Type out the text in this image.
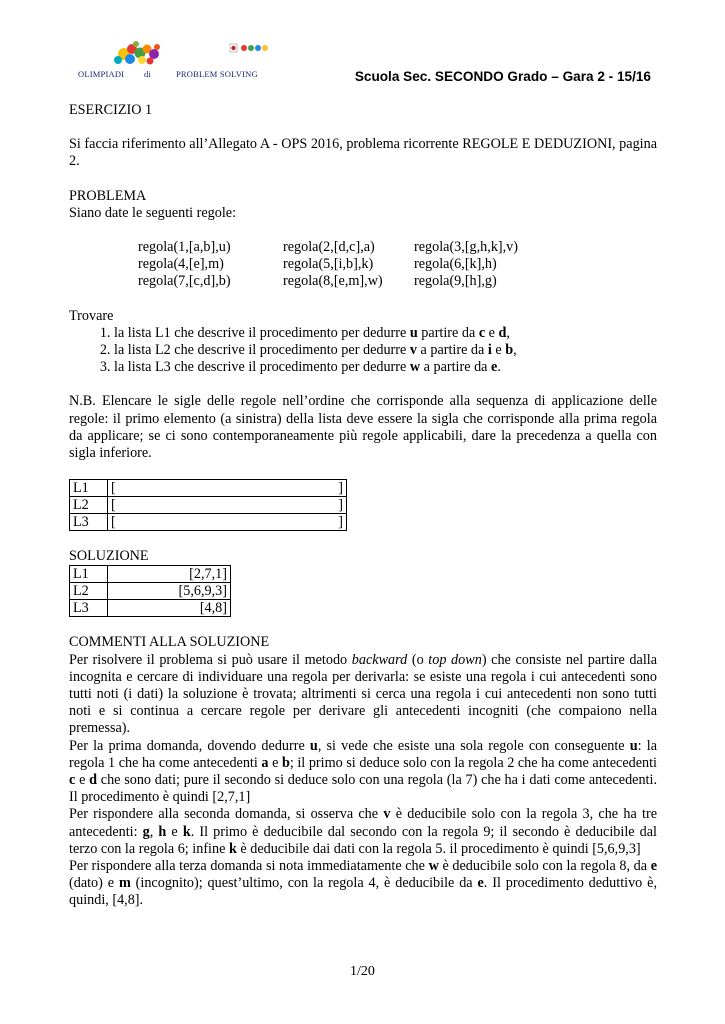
OLIMPIADI di	PROBLEM SOLVING	Scuola Sec. SECONDO Grado – Gara 2 - 15/16

ESERCIZIO 1

Si faccia riferimento all’Allegato A - OPS 2016, problema ricorrente REGOLE E DEDUZIONI, pagina 2.

PROBLEMA

Siano date le seguenti regole:

regola(1,[a,b],u)	regola(2,[d,c],a)	regola(3,[g,h,k],v)
regola(4,[e],m)	regola(5,[i,b],k)	regola(6,[k],h)
regola(7,[c,d],b)	regola(8,[e,m],w)	regola(9,[h],g)

Trovare

1. la lista L1 che descrive il procedimento per dedurre u partire da c e d,
2. la lista L2 che descrive il procedimento per dedurre v a partire da i e b,
3. la lista L3 che descrive il procedimento per dedurre w a partire da e.

N.B. Elencare le sigle delle regole nell’ordine che corrisponde alla sequenza di applicazione delle regole: il primo elemento (a sinistra) della lista deve essere la sigla che corrisponde alla prima regola da applicare; se ci sono contemporaneamente più regole applicabili, dare la precedenza a quella con sigla inferiore.

L1	[ ]

L2	[ ]

L3	[ ]

SOLUZIONE

L1	[2,7,1]
L2	[5,6,9,3]
L3	[4,8]

COMMENTI ALLA SOLUZIONE

Per risolvere il problema si può usare il metodo backward (o top down) che consiste nel partire dalla incognita e cercare di individuare una regola per derivarla: se esiste una regola i cui antecedenti sono tutti noti (i dati) la soluzione è trovata; altrimenti si cerca una regola i cui antecedenti non sono tutti noti e si continua a cercare regole per derivare gli antecedenti incogniti (che compaiono nella premessa).

Per la prima domanda, dovendo dedurre u, si vede che esiste una sola regole con conseguente u: la regola 1 che ha come antecedenti a e b; il primo si deduce solo con la regola 2 che ha come antecedenti c e d che sono dati; pure il secondo si deduce solo con una regola (la 7) che ha i dati come antecedenti. Il procedimento è quindi [2,7,1]

Per rispondere alla seconda domanda, si osserva che v è deducibile solo con la regola 3, che ha tre antecedenti: g, h e k. Il primo è deducibile dal secondo con la regola 9; il secondo è deducibile dal terzo con la regola 6; infine k è deducibile dai dati con la regola 5. il procedimento è quindi [5,6,9,3]

Per rispondere alla terza domanda si nota immediatamente che w è deducibile solo con la regola 8, da e (dato) e m (incognito); quest’ultimo, con la regola 4, è deducibile da e. Il procedimento deduttivo è, quindi, [4,8].

1/20
